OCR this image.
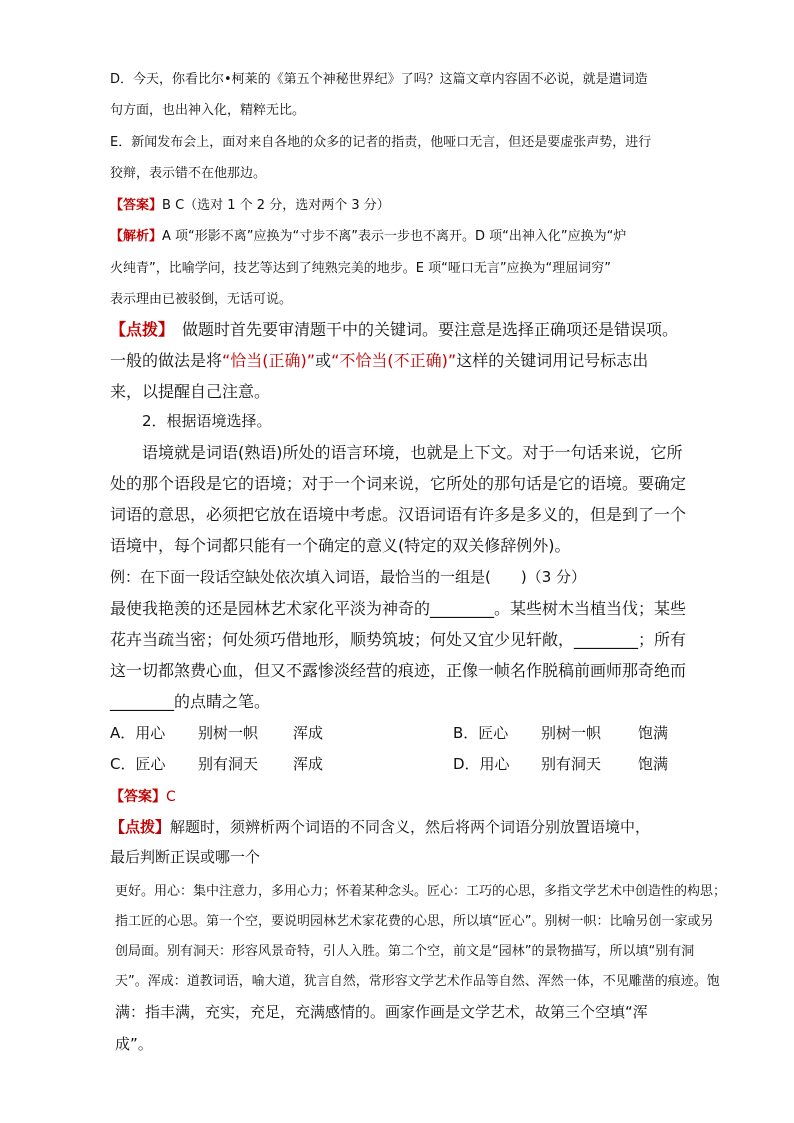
D．今天，你看比尔•柯莱的《第五个神秘世界纪》了吗？这篇文章内容固不必说，就是遣词造
句方面，也出神入化，精粹无比。
E．新闻发布会上，面对来自各地的众多的记者的指责，他哑口无言，但还是要虚张声势，进行
狡辩，表示错不在他那边。
【答案】B C（选对 1 个 2 分，选对两个 3 分）
【解析】A 项“形影不离”应换为“寸步不离”表示一步也不离开。D 项“出神入化”应换为“炉
火纯青”，比喻学问，技艺等达到了纯熟完美的地步。E 项“哑口无言”应换为“理屈词穷”
表示理由已被驳倒，无话可说。
【点拨】　做题时首先要审清题干中的关键词。要注意是选择正确项还是错误项。
一般的做法是将“恰当(正确)”或“不恰当(不正确)”这样的关键词用记号标志出
来，以提醒自己注意。
2．根据语境选择。
语境就是词语(熟语)所处的语言环境，也就是上下文。对于一句话来说，它所
处的那个语段是它的语境；对于一个词来说，它所处的那句话是它的语境。要确定
词语的意思，必须把它放在语境中考虑。汉语词语有许多是多义的，但是到了一个
语境中，每个词都只能有一个确定的意义(特定的双关修辞例外)。
例：在下面一段话空缺处依次填入词语，最恰当的一组是(　　)（3 分）
最使我艳羡的还是园林艺术家化平淡为神奇的________。某些树木当植当伐；某些
花卉当疏当密；何处须巧借地形，顺势筑坡；何处又宜少见轩敞，________；所有
这一切都煞费心血，但又不露惨淡经营的痕迹，正像一帧名作脱稿前画师那奇绝而
________的点睛之笔。
A．用心 别树一帜 浑成	B．匠心 别树一帜 饱满
C．匠心 别有洞天 浑成	D．用心 别有洞天 饱满
【答案】C
【点拨】解题时，须辨析两个词语的不同含义，然后将两个词语分别放置语境中，
最后判断正误或哪一个
更好。用心：集中注意力，多用心力；怀着某种念头。匠心：工巧的心思，多指文学艺术中创造性的构思；
指工匠的心思。第一个空，要说明园林艺术家花费的心思，所以填“匠心”。别树一帜：比喻另创一家或另
创局面。别有洞天：形容风景奇特，引人入胜。第二个空，前文是“园林”的景物描写，所以填“别有洞
天”。浑成：道教词语，喻大道，犹言自然，常形容文学艺术作品等自然、浑然一体，不见雕凿的痕迹。饱
满：指丰满，充实，充足，充满感情的。画家作画是文学艺术，故第三个空填“浑
成”。
